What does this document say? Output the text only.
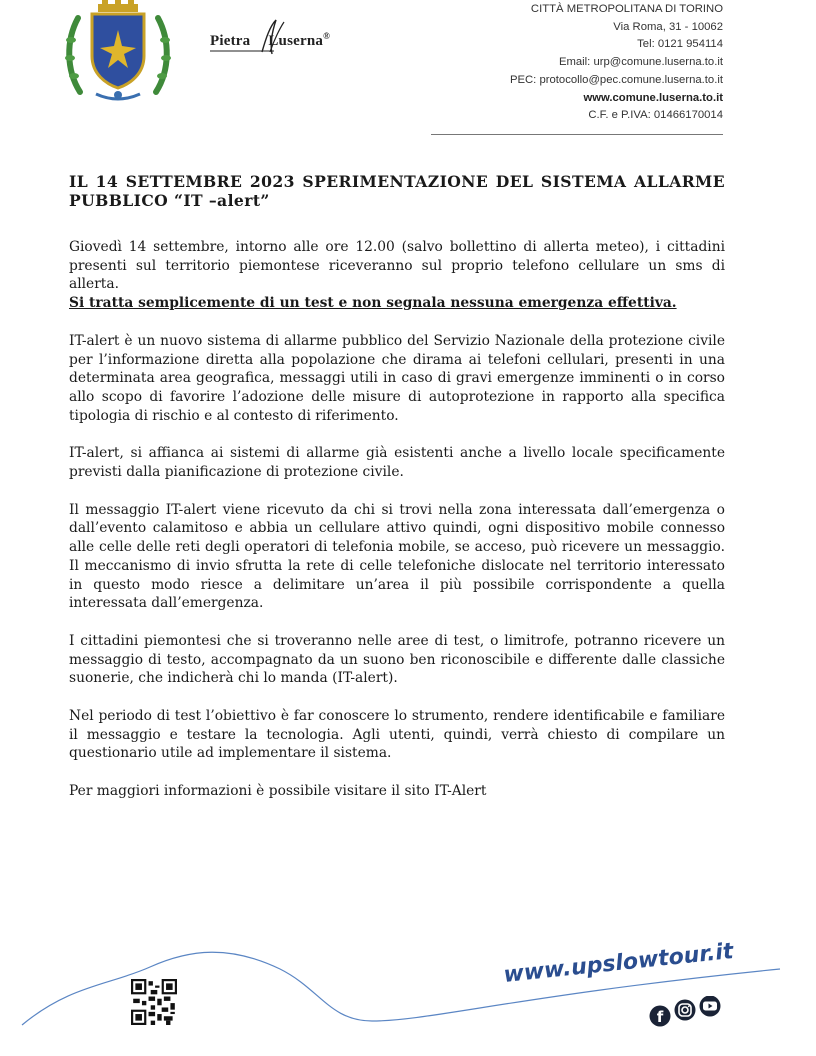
Pietra Luserna®
CITTÀ METROPOLITANA DI TORINO
Via Roma, 31 - 10062
Tel: 0121 954114
Email: urp@comune.luserna.to.it
PEC: protocollo@pec.comune.luserna.to.it
www.comune.luserna.to.it
C.F. e P.IVA: 01466170014
IL 14 SETTEMBRE 2023 SPERIMENTAZIONE DEL SISTEMA ALLARME PUBBLICO “IT –alert”

Giovedì 14 settembre, intorno alle ore 12.00 (salvo bollettino di allerta meteo), i cittadini presenti sul territorio piemontese riceveranno sul proprio telefono cellulare un sms di allerta.
Si tratta semplicemente di un test e non segnala nessuna emergenza effettiva.

IT-alert è un nuovo sistema di allarme pubblico del Servizio Nazionale della protezione civile per l’informazione diretta alla popolazione che dirama ai telefoni cellulari, presenti in una determinata area geografica, messaggi utili in caso di gravi emergenze imminenti o in corso allo scopo di favorire l’adozione delle misure di autoprotezione in rapporto alla specifica tipologia di rischio e al contesto di riferimento.

IT-alert, si affianca ai sistemi di allarme già esistenti anche a livello locale specificamente previsti dalla pianificazione di protezione civile.

Il messaggio IT-alert viene ricevuto da chi si trovi nella zona interessata dall’emergenza o dall’evento calamitoso e abbia un cellulare attivo quindi, ogni dispositivo mobile connesso alle celle delle reti degli operatori di telefonia mobile, se acceso, può ricevere un messaggio. Il meccanismo di invio sfrutta la rete di celle telefoniche dislocate nel territorio interessato in questo modo riesce a delimitare un’area il più possibile corrispondente a quella interessata dall’emergenza.

I cittadini piemontesi che si troveranno nelle aree di test, o limitrofe, potranno ricevere un messaggio di testo, accompagnato da un suono ben riconoscibile e differente dalle classiche suonerie, che indicherà chi lo manda (IT-alert).

Nel periodo di test l’obiettivo è far conoscere lo strumento, rendere identificabile e familiare il messaggio e testare la tecnologia. Agli utenti, quindi, verrà chiesto di compilare un questionario utile ad implementare il sistema.

Per maggiori informazioni è possibile visitare il sito IT-Alert

www.upslowtour.it
f
